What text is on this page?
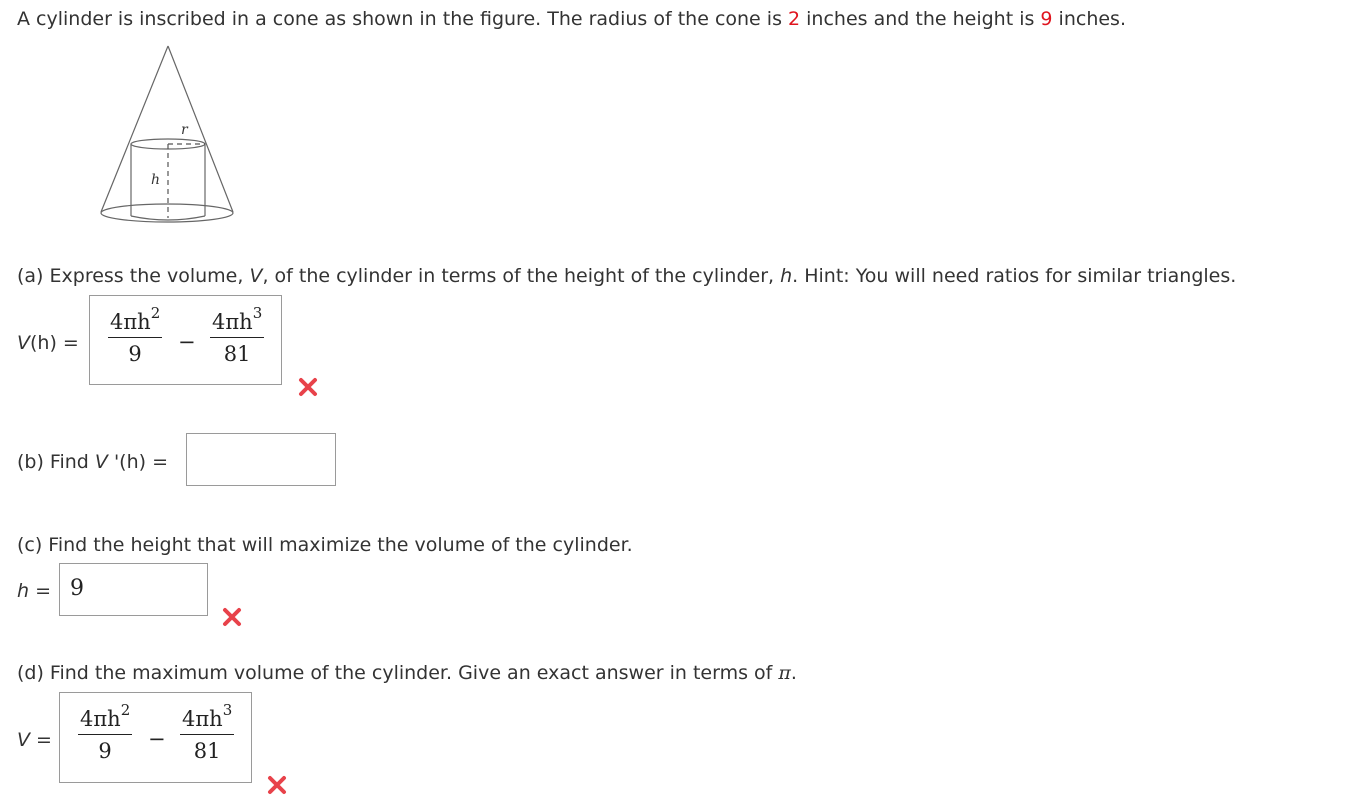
A cylinder is inscribed in a cone as shown in the figure. The radius of the cone is 2 inches and the height is 9 inches.
r
h
(a) Express the volume, V, of the cylinder in terms of the height of the cylinder, h. Hint: You will need ratios for similar triangles.
$V(h) = \frac{4\pi h^2}{9} - \frac{4\pi h^3}{81}$
(b) Find V '(h) =
(c) Find the height that will maximize the volume of the cylinder.
h = 9
(d) Find the maximum volume of the cylinder. Give an exact answer in terms of π.
$V = \frac{4\pi h^2}{9} - \frac{4\pi h^3}{81}$
